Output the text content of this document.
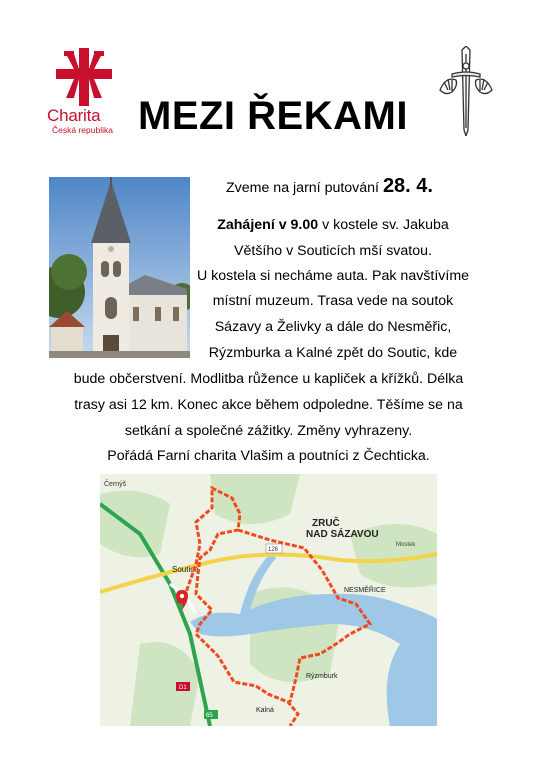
Charita
Česká republika MEZI ŘEKAMI
Zveme na jarní putování 28. 4.
Zahájení v 9.00 v kostele sv. Jakuba
Většího v Souticích mší svatou.
U kostela si necháme auta. Pak navštívíme
místní muzeum. Trasa vede na soutok
Sázavy a Želivky a dále do Nesměřic,
Rýzmburka a Kalné zpět do Soutic, kde
bude občerstvení. Modlitba růžence u kapliček a křížků. Délka
trasy asi 12 km. Konec akce během odpoledne. Těšíme se na
setkání a společné zážitky. Změny vyhrazeny.
Pořádá Farní charita Vlašim a poutníci z Čechticka.
Černýš
ZRUČ
NAD SÁZAVOU
Soutice
NESMĚŘICE
Rýzmburk
Kalná
Mostek
126
D1
65
